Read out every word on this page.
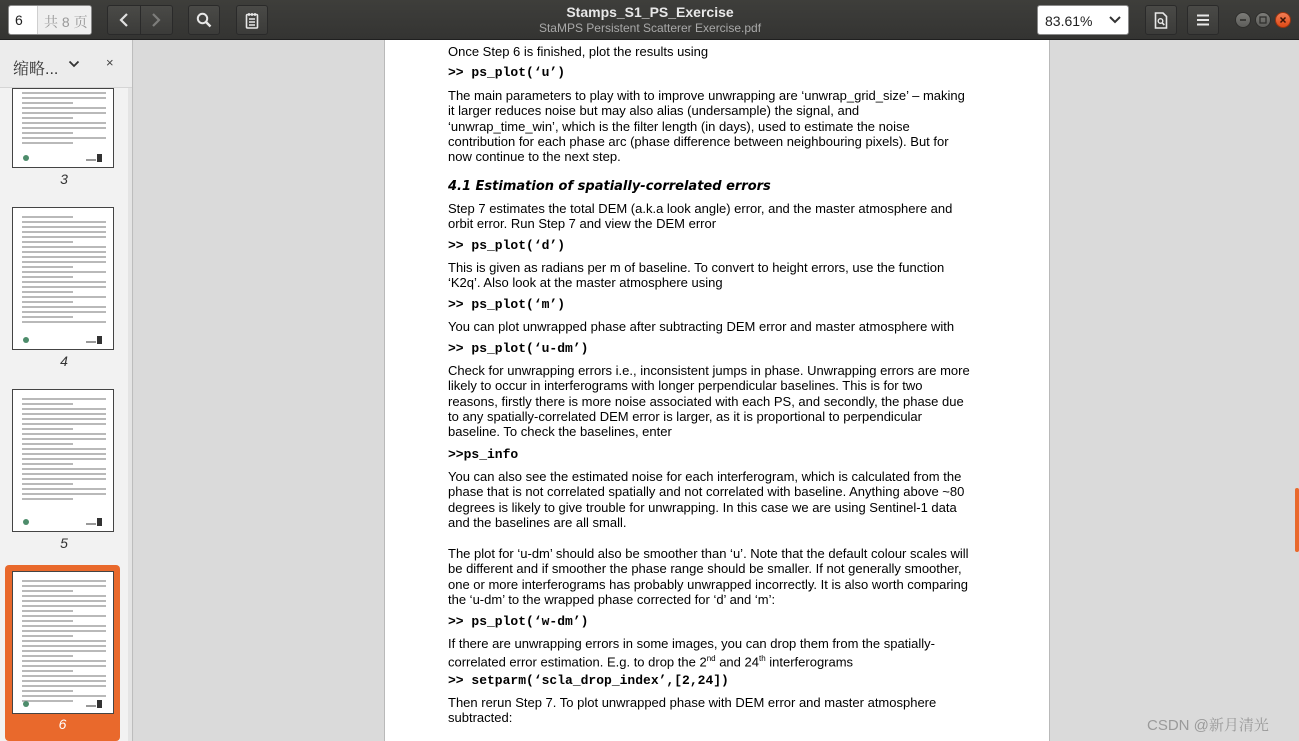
6	共 8 页
Stamps_S1_PS_Exercise
StaMPS Persistent Scatterer Exercise.pdf	83.61%
缩略...	×
3
4
5
6
Once Step 6 is finished, plot the results using
>> ps_plot(‘u’)
The main parameters to play with to improve unwrapping are ‘unwrap_grid_size’ – making
it larger reduces noise but may also alias (undersample) the signal, and
‘unwrap_time_win’, which is the filter length (in days), used to estimate the noise
contribution for each phase arc (phase difference between neighbouring pixels). But for
now continue to the next step.
4.1 Estimation of spatially-correlated errors
Step 7 estimates the total DEM (a.k.a look angle) error, and the master atmosphere and
orbit error. Run Step 7 and view the DEM error
>> ps_plot(‘d’)
This is given as radians per m of baseline. To convert to height errors, use the function
‘K2q’. Also look at the master atmosphere using
>> ps_plot(‘m’)
You can plot unwrapped phase after subtracting DEM error and master atmosphere with
>> ps_plot(‘u-dm’)
Check for unwrapping errors i.e., inconsistent jumps in phase. Unwrapping errors are more
likely to occur in interferograms with longer perpendicular baselines. This is for two
reasons, firstly there is more noise associated with each PS, and secondly, the phase due
to any spatially-correlated DEM error is larger, as it is proportional to perpendicular
baseline. To check the baselines, enter
>>ps_info
You can also see the estimated noise for each interferogram, which is calculated from the
phase that is not correlated spatially and not correlated with baseline. Anything above ~80
degrees is likely to give trouble for unwrapping. In this case we are using Sentinel-1 data
and the baselines are all small.
The plot for ‘u-dm’ should also be smoother than ‘u’. Note that the default colour scales will
be different and if smoother the phase range should be smaller. If not generally smoother,
one or more interferograms has probably unwrapped incorrectly. It is also worth comparing
the ‘u-dm’ to the wrapped phase corrected for ‘d’ and ‘m’:
>> ps_plot(‘w-dm’)
If there are unwrapping errors in some images, you can drop them from the spatially-
correlated error estimation. E.g. to drop the 2nd and 24th interferograms
>> setparm(‘scla_drop_index’,[2,24])
Then rerun Step 7. To plot unwrapped phase with DEM error and master atmosphere
subtracted:	CSDN @新月清光
